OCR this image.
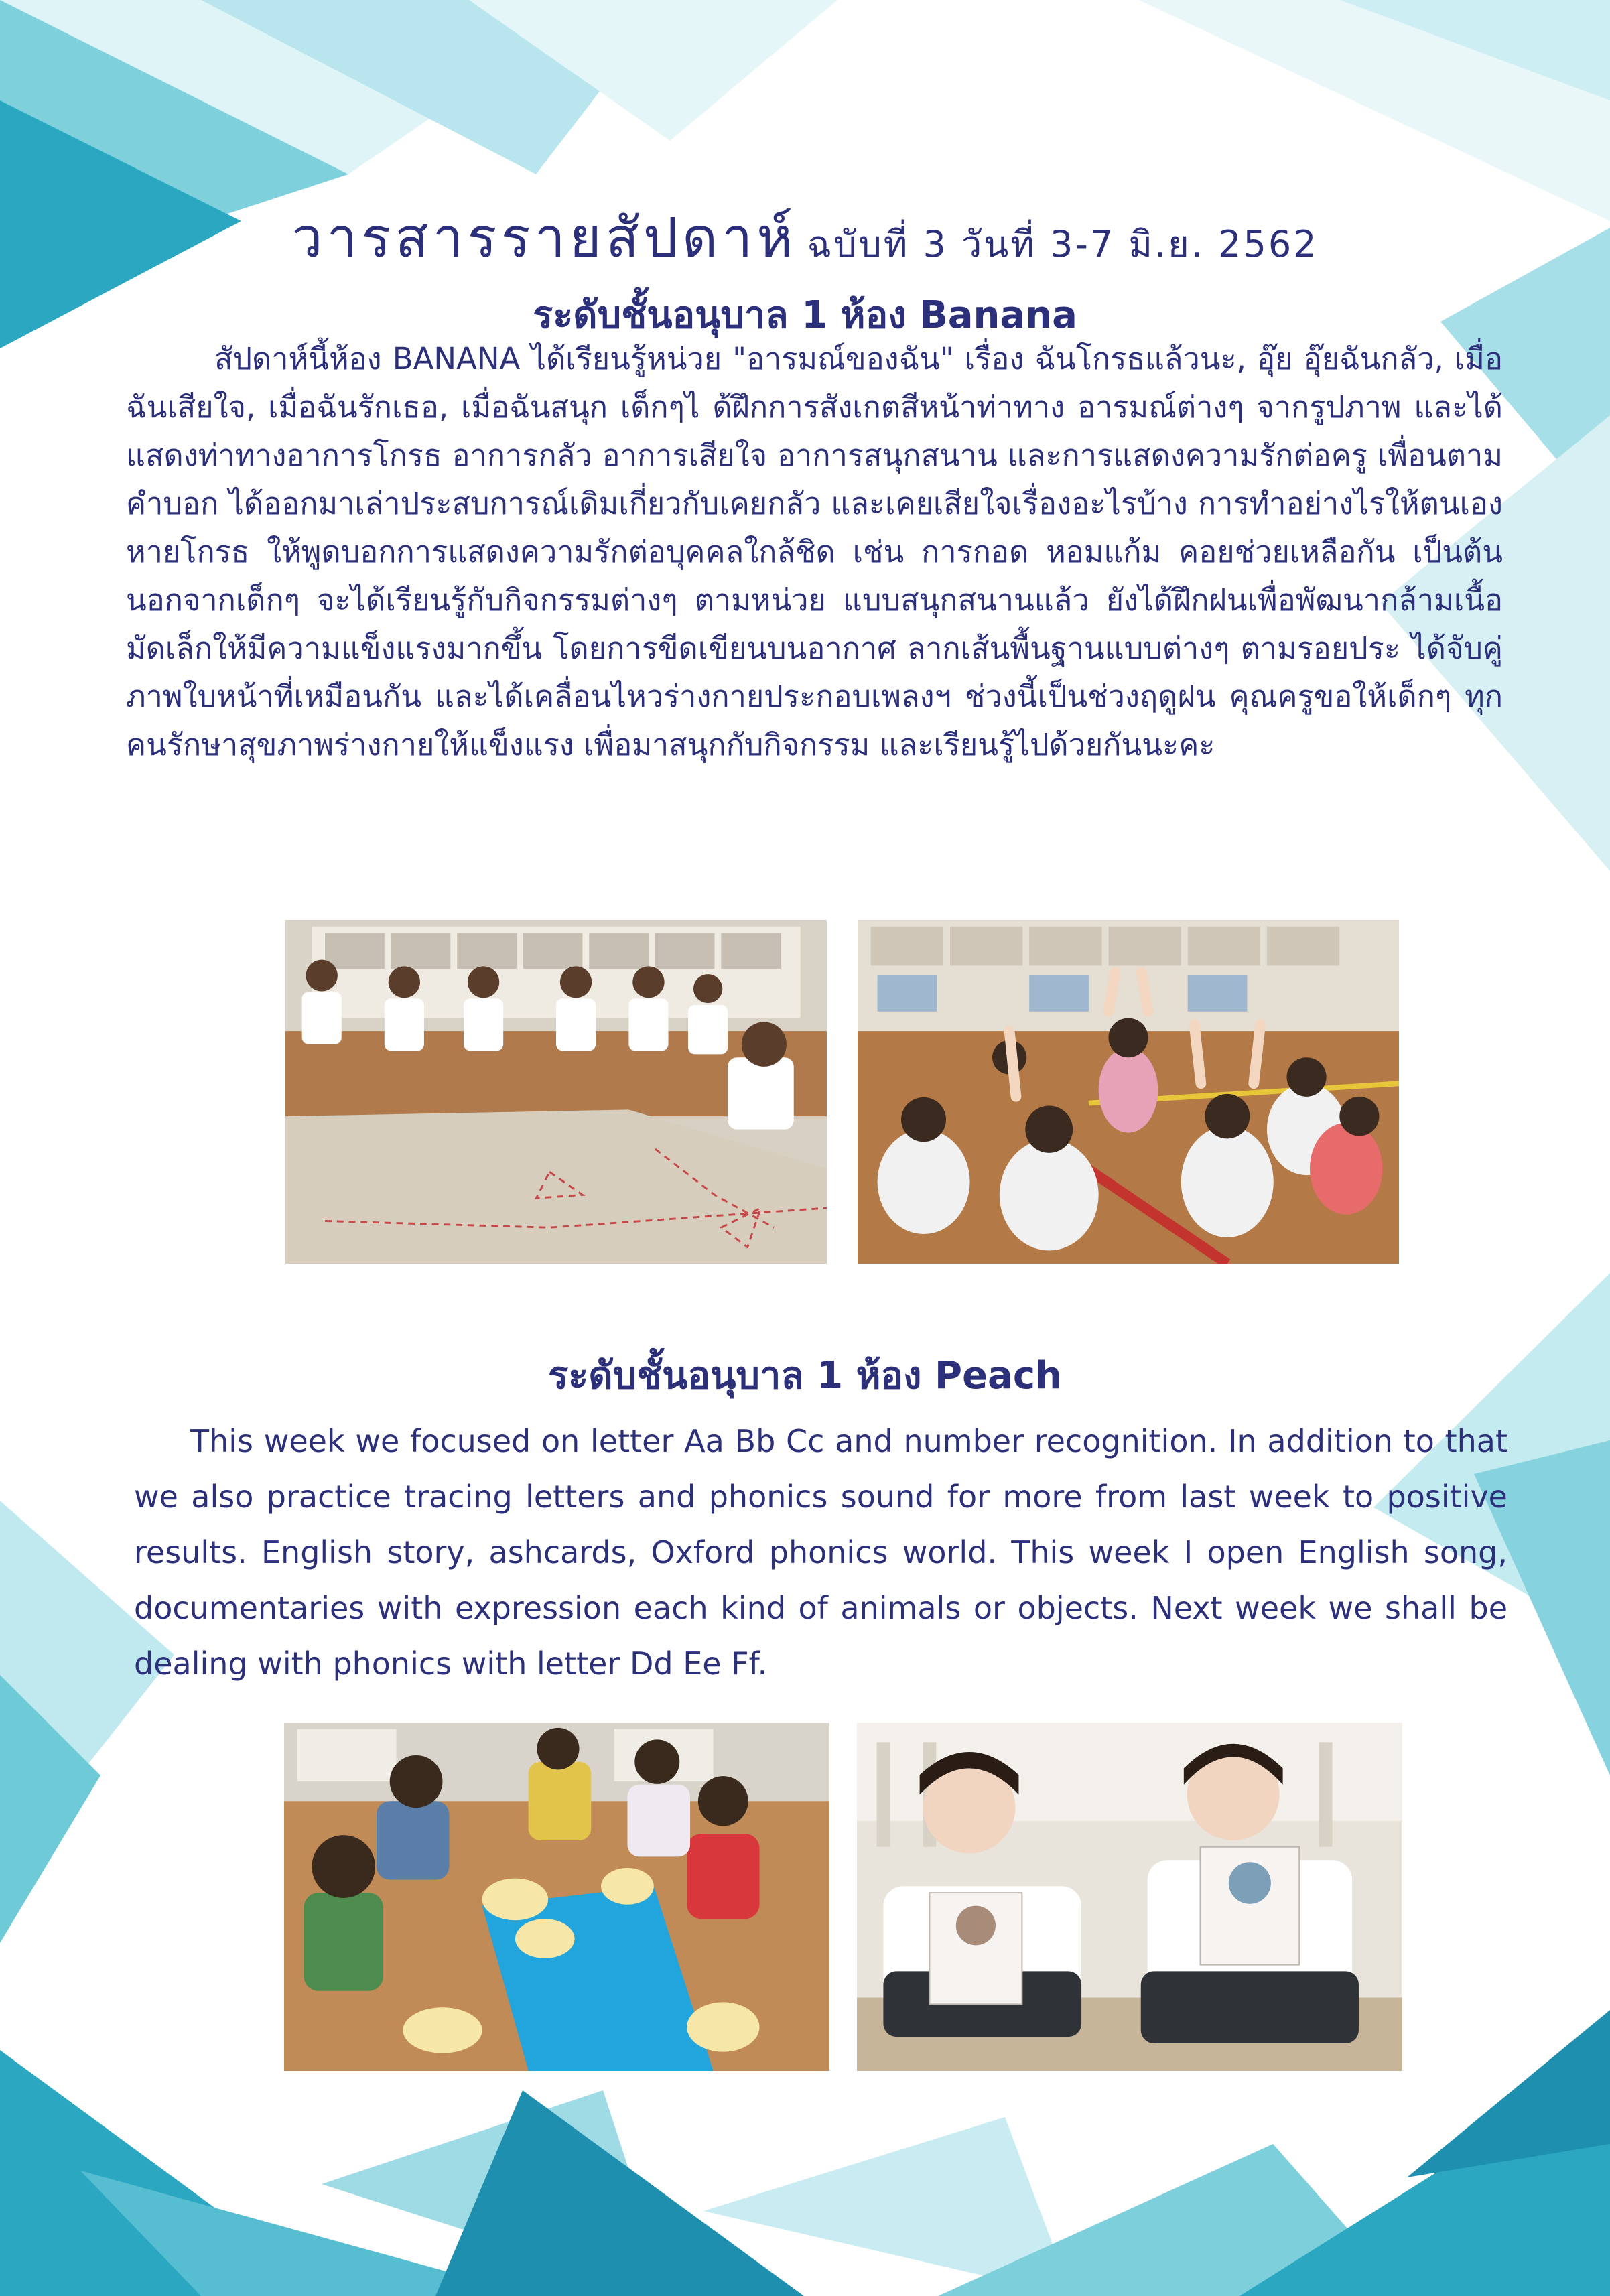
วารสารรายสัปดาห์ ฉบับที่ 3 วันที่ 3-7 มิ.ย. 2562
ระดับชั้นอนุบาล 1 ห้อง Banana

สัปดาห์นี้ห้อง BANANA ได้เรียนรู้หน่วย "อารมณ์ของฉัน" เรื่อง ฉันโกรธแล้วนะ, อุ๊ย อุ๊ยฉันกลัว, เมื่อฉันเสียใจ, เมื่อฉันรักเธอ, เมื่อฉันสนุก เด็กๆไ ด้ฝึกการสังเกตสีหน้าท่าทาง อารมณ์ต่างๆ จากรูปภาพ และได้แสดงท่าทางอาการโกรธ อาการกลัว อาการเสียใจ อาการสนุกสนาน และการแสดงความรักต่อครู เพื่อนตามคำบอก ได้ออกมาเล่าประสบการณ์เดิมเกี่ยวกับเคยกลัว และเคยเสียใจเรื่องอะไรบ้าง การทำอย่างไรให้ตนเองหายโกรธ ให้พูดบอกการแสดงความรักต่อบุคคลใกล้ชิด เช่น การกอด หอมแก้ม คอยช่วยเหลือกัน เป็นต้น นอกจากเด็กๆ จะได้เรียนรู้กับกิจกรรมต่างๆ ตามหน่วย แบบสนุกสนานแล้ว ยังได้ฝึกฝนเพื่อพัฒนากล้ามเนื้อมัดเล็กให้มีความแข็งแรงมากขึ้น โดยการขีดเขียนบนอากาศ ลากเส้นพื้นฐานแบบต่างๆ ตามรอยประ ได้จับคู่ภาพใบหน้าที่เหมือนกัน และได้เคลื่อนไหวร่างกายประกอบเพลงฯ ช่วงนี้เป็นช่วงฤดูฝน คุณครูขอให้เด็กๆ ทุกคนรักษาสุขภาพร่างกายให้แข็งแรง เพื่อมาสนุกกับกิจกรรม และเรียนรู้ไปด้วยกันนะคะ

ระดับชั้นอนุบาล 1 ห้อง Peach

This week we focused on letter Aa Bb Cc and number recognition. In addition to that we also practice tracing letters and phonics sound for more from last week to positive results. English story, ashcards, Oxford phonics world. This week I open English song, documentaries with expression each kind of animals or objects. Next week we shall be dealing with phonics with letter Dd Ee Ff.
